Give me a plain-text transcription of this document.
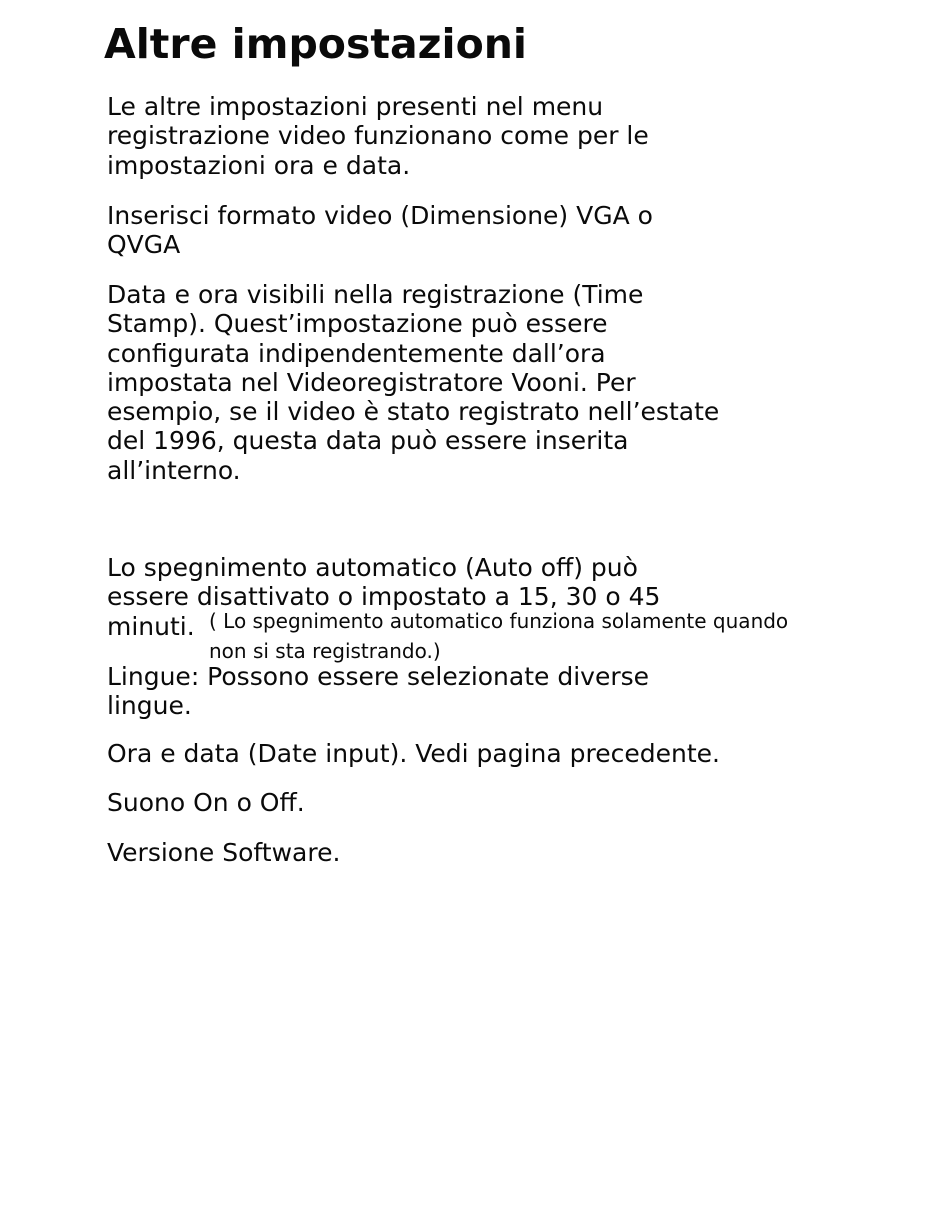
Altre impostazioni

Le altre impostazioni presenti nel menu
registrazione video funzionano come per le
impostazioni ora e data.

Inserisci formato video (Dimensione) VGA o
QVGA

Data e ora visibili nella registrazione (Time
Stamp). Quest’impostazione può essere
configurata indipendentemente dall’ora
impostata nel Videoregistratore Vooni. Per
esempio, se il video è stato registrato nell’estate
del 1996, questa data può essere inserita
all’interno.

Lo spegnimento automatico (Auto off) può
essere disattivato o impostato a 15, 30 o 45
minuti. ( Lo spegnimento automatico funziona solamente quando
non si sta registrando.)

Lingue: Possono essere selezionate diverse
lingue.

Ora e data (Date input). Vedi pagina precedente.

Suono On o Off.

Versione Software.
